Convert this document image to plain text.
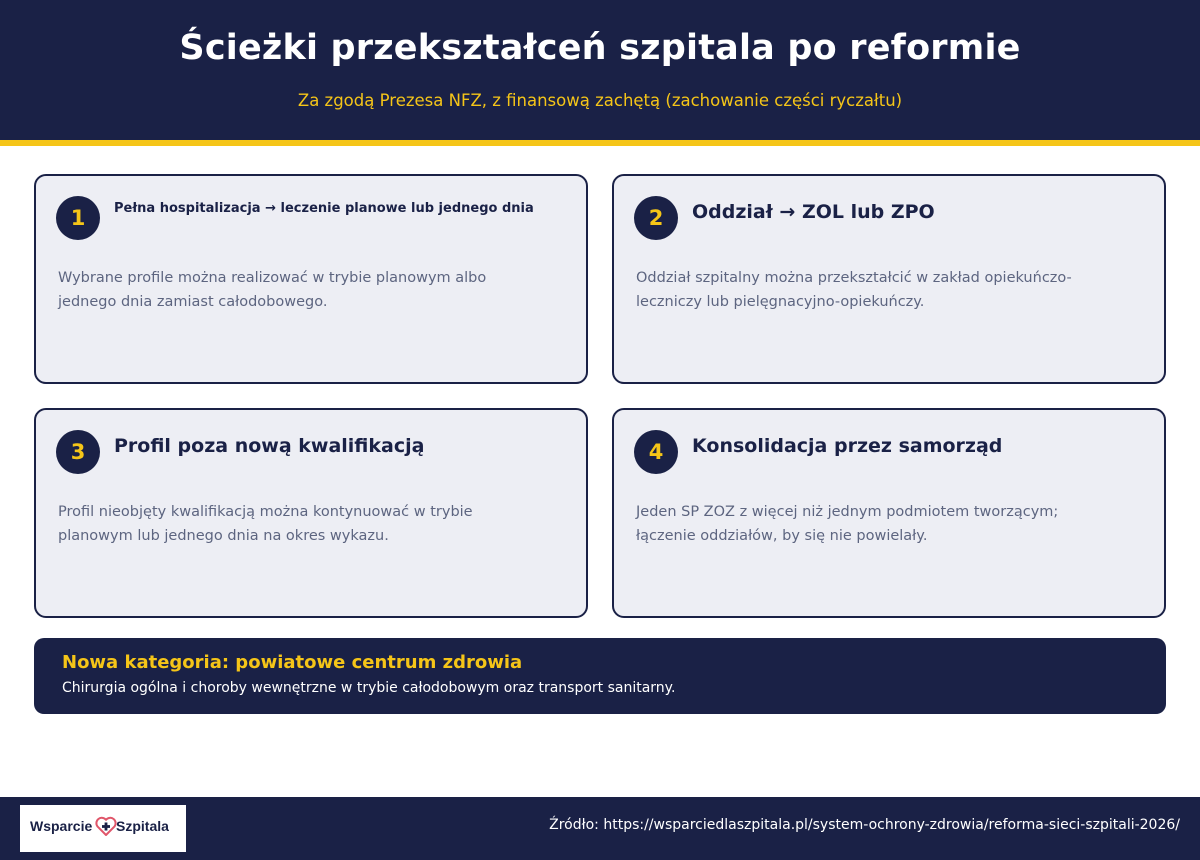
Ścieżki przekształceń szpitala po reformie
Za zgodą Prezesa NFZ, z finansową zachętą (zachowanie części ryczałtu)
1	Pełna hospitalizacja → leczenie planowe lub jednego dnia
Wybrane profile można realizować w trybie planowym albo jednego dnia zamiast całodobowego.
2	Oddział → ZOL lub ZPO
Oddział szpitalny można przekształcić w zakład opiekuńczo-leczniczy lub pielęgnacyjno-opiekuńczy.
3	Profil poza nową kwalifikacją
Profil nieobjęty kwalifikacją można kontynuować w trybie planowym lub jednego dnia na okres wykazu.
4	Konsolidacja przez samorząd
Jeden SP ZOZ z więcej niż jednym podmiotem tworzącym; łączenie oddziałów, by się nie powielały.
Nowa kategoria: powiatowe centrum zdrowia
Chirurgia ogólna i choroby wewnętrzne w trybie całodobowym oraz transport sanitarny.
Wsparcie Szpitala	Źródło: https://wsparciedlaszpitala.pl/system-ochrony-zdrowia/reforma-sieci-szpitali-2026/
